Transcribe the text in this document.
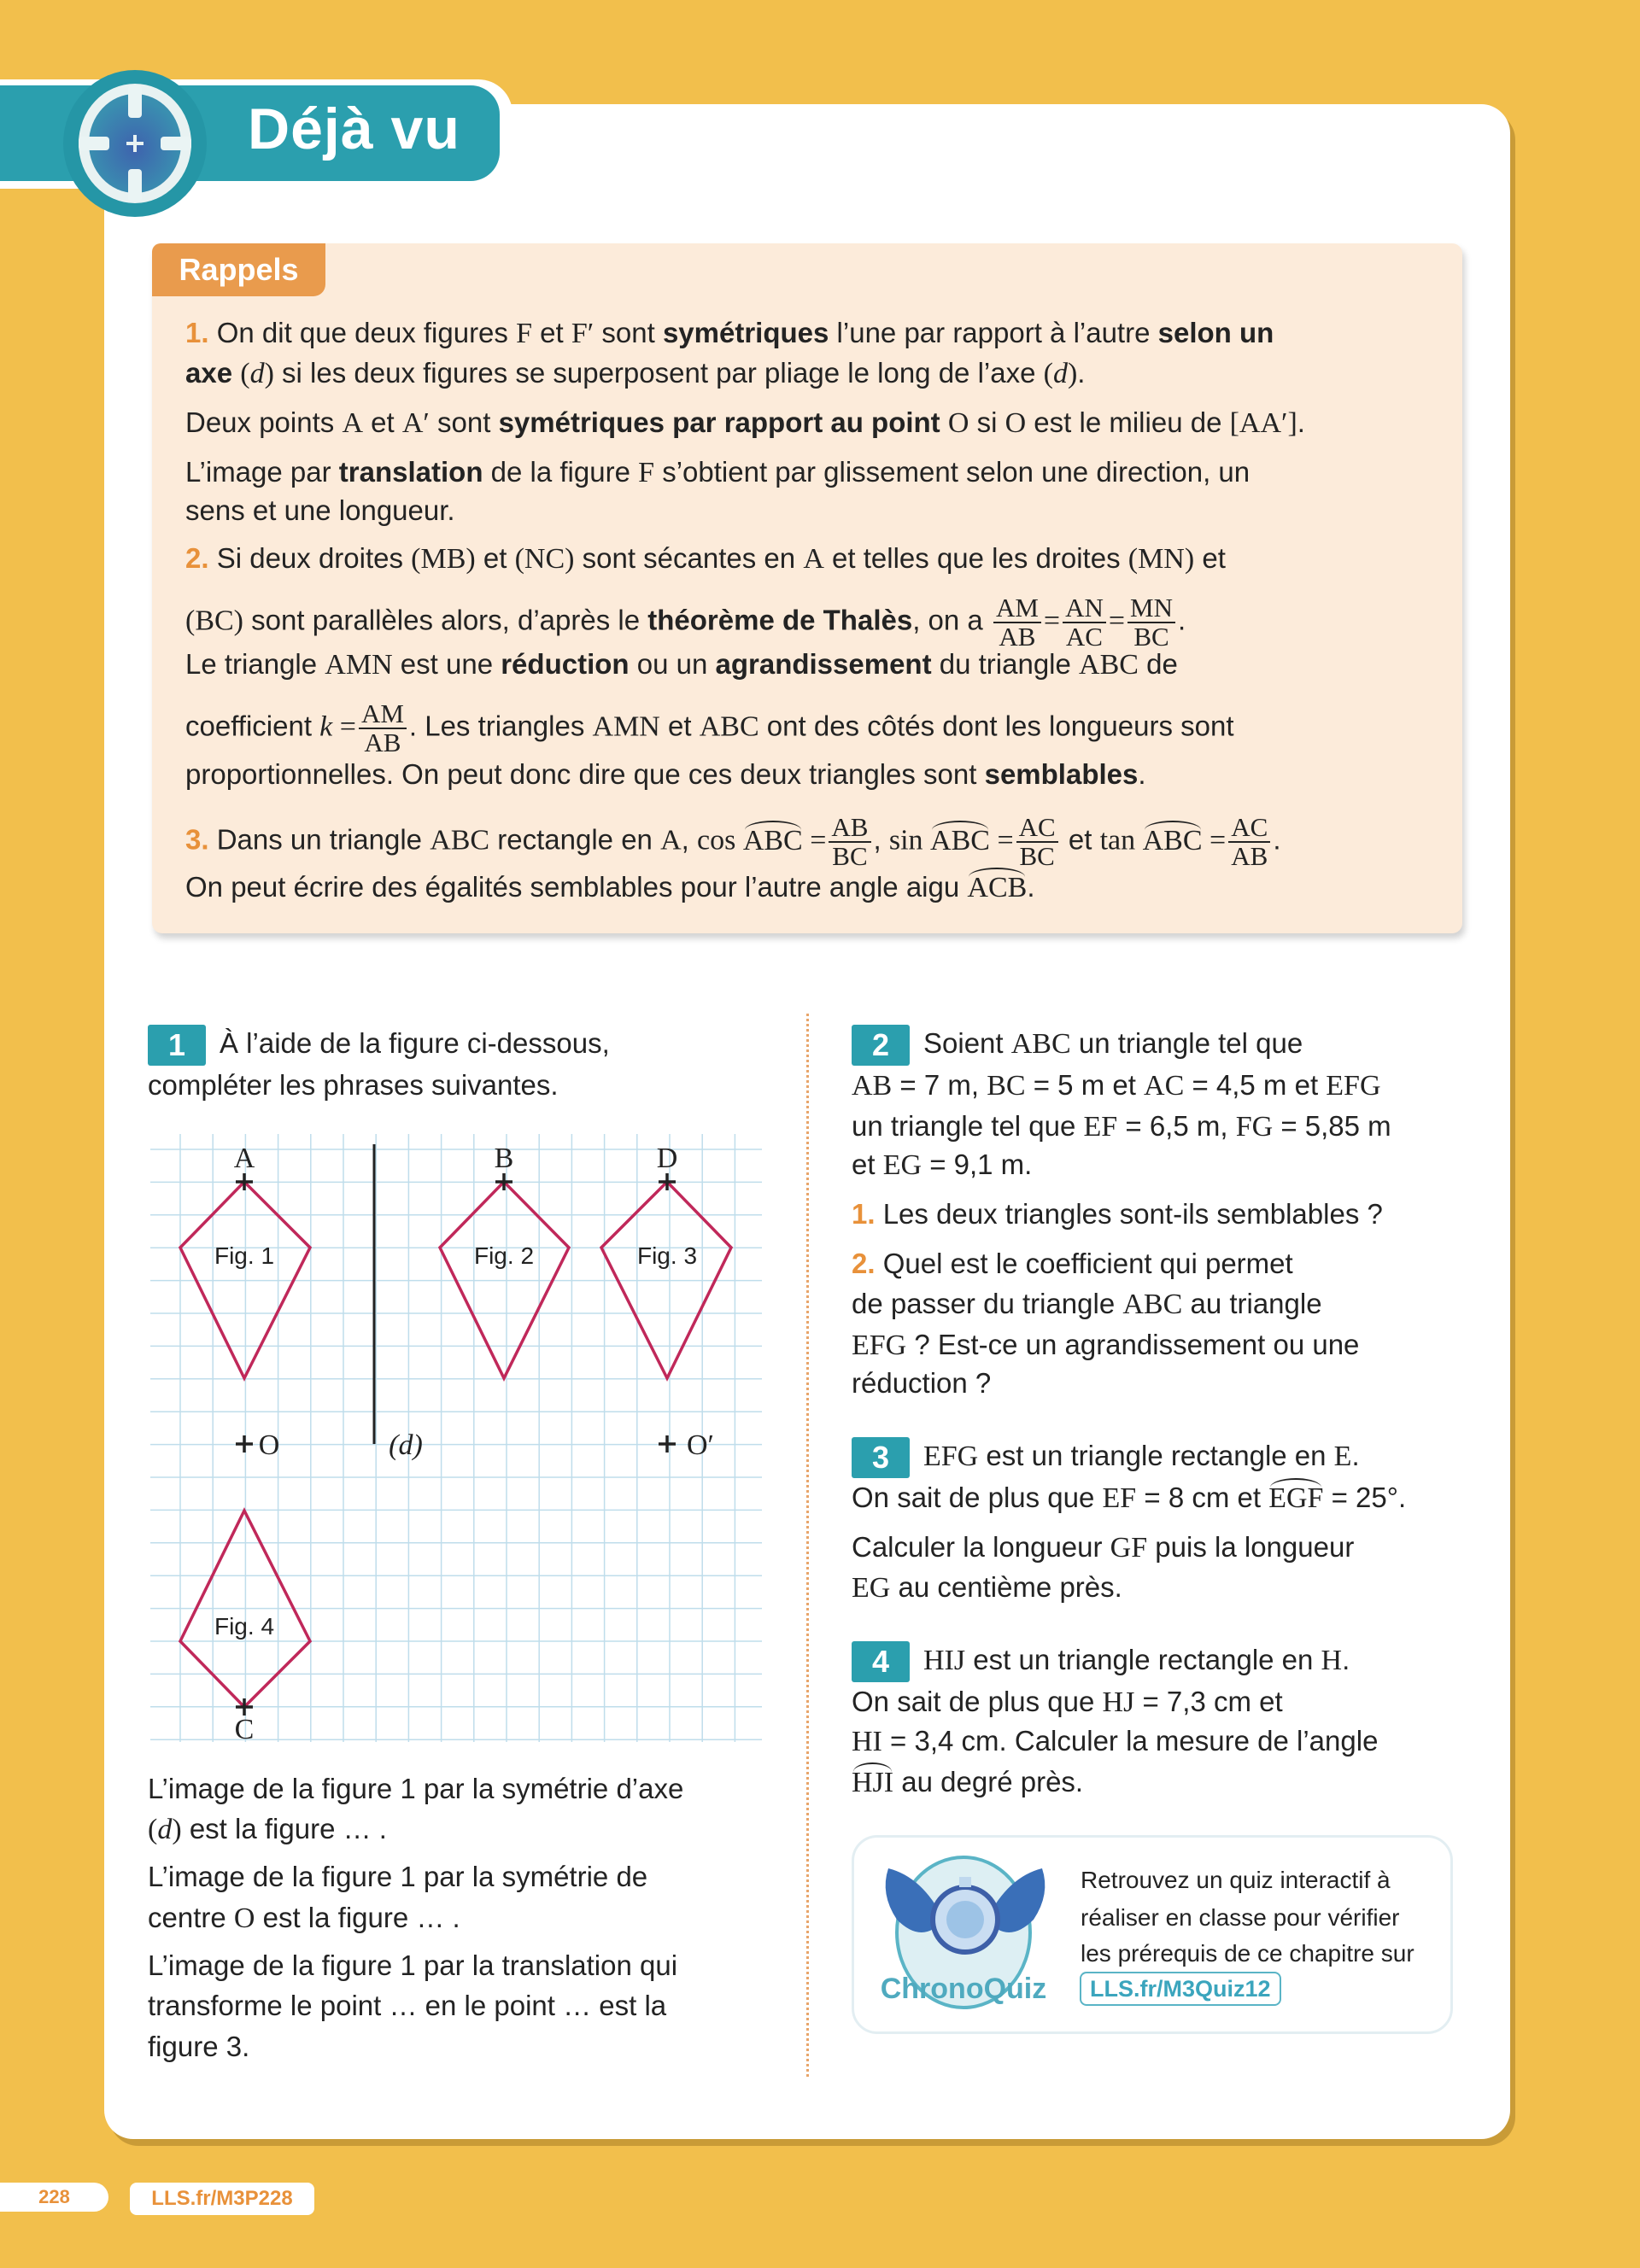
Déjà vu
Rappels
1. On dit que deux figures F et F′ sont symétriques l’une par rapport à l’autre selon un
axe (d) si les deux figures se superposent par pliage le long de l’axe (d).
Deux points A et A′ sont symétriques par rapport au point O si O est le milieu de [AA′].
L’image par translation de la figure F s’obtient par glissement selon une direction, un
sens et une longueur.
2. Si deux droites (MB) et (NC) sont sécantes en A et telles que les droites (MN) et
(BC) sont parallèles alors, d’après le théorème de Thalès, on a $\frac{AM}{AB} = \frac{AN}{AC} = \frac{MN}{BC}$ .
Le triangle AMN est une réduction ou un agrandissement du triangle ABC de
coefficient $k = \frac{AM}{AB}$ . Les triangles AMN et ABC ont des côtés dont les longueurs sont
proportionnelles. On peut donc dire que ces deux triangles sont semblables.
3. Dans un triangle ABC rectangle en A, cos ABC = $\frac{AB}{BC}$ , sin ABC = $\frac{AC}{BC}$ et tan ABC = $\frac{AC}{AB}$ .
On peut écrire des égalités semblables pour l’autre angle aigu ACB.
1 À l’aide de la figure ci-dessous,
compléter les phrases suivantes.
A	B	D
C
O	O′
(d)
Fig. 1	Fig. 2	Fig. 3
Fig. 4
L’image de la figure 1 par la symétrie d’axe
(d) est la figure … .
L’image de la figure 1 par la symétrie de
centre O est la figure … .
L’image de la figure 1 par la translation qui
transforme le point … en le point … est la
figure 3.
2 Soient ABC un triangle tel que
AB = 7 m, BC = 5 m et AC = 4,5 m et EFG
un triangle tel que EF = 6,5 m, FG = 5,85 m
et EG = 9,1 m.
1. Les deux triangles sont-ils semblables ?
2. Quel est le coefficient qui permet
de passer du triangle ABC au triangle
EFG ? Est-ce un agrandissement ou une
réduction ?
3 EFG est un triangle rectangle en E.
On sait de plus que EF = 8 cm et EGF = 25°.
Calculer la longueur GF puis la longueur
EG au centième près.
4 HIJ est un triangle rectangle en H.
On sait de plus que HJ = 7,3 cm et
HI = 3,4 cm. Calculer la mesure de l’angle
HJI au degré près.
ChronoQuiz
Retrouvez un quiz interactif à
réaliser en classe pour vérifier
les prérequis de ce chapitre sur
LLS.fr/M3Quiz12
228	LLS.fr/M3P228
